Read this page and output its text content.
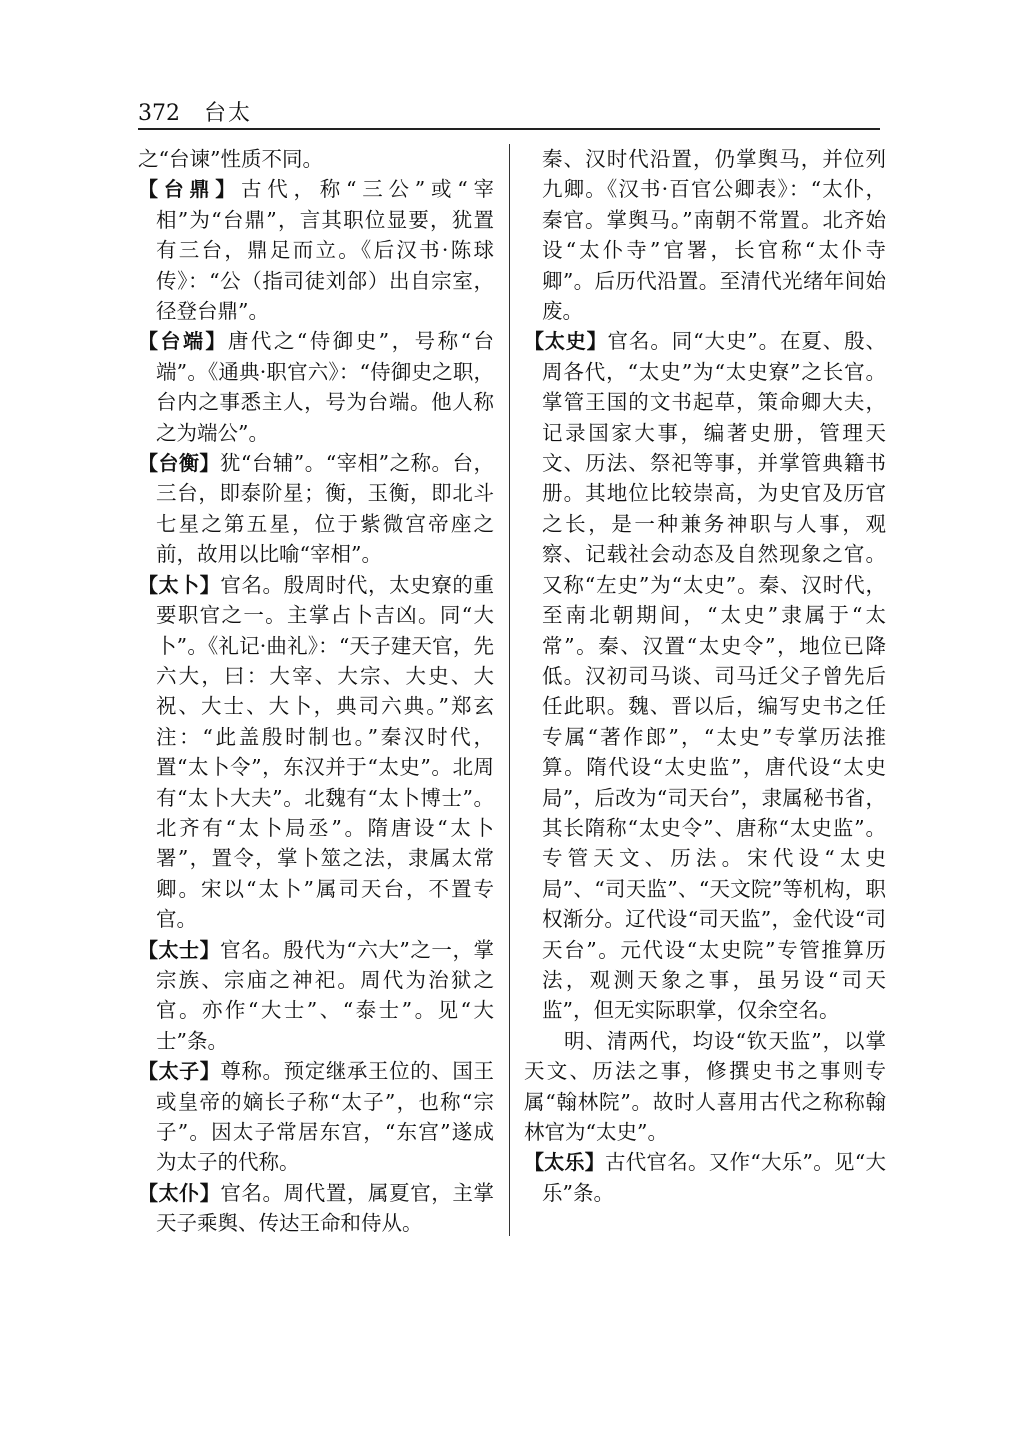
372 台太

之“台谏”性质不同。

【台鼎】古代，称“三公”或“宰相”为“台鼎”，言其职位显要，犹置有三台，鼎足而立。《后汉书·陈球传》：“公（指司徒刘郃）出自宗室，径登台鼎”。

【台端】唐代之“侍御史”，号称“台端”。《通典·职官六》：“侍御史之职，台内之事悉主人，号为台端。他人称之为端公”。

【台衡】犹“台辅”。“宰相”之称。台，三台，即泰阶星；衡，玉衡，即北斗七星之第五星，位于紫微宫帝座之前，故用以比喻“宰相”。

【太卜】官名。殷周时代，太史寮的重要职官之一。主掌占卜吉凶。同“大卜”。《礼记·曲礼》：“天子建天官，先六大，曰：大宰、大宗、大史、大祝、大士、大卜，典司六典。”郑玄注：“此盖殷时制也。”秦汉时代，置“太卜令”，东汉并于“太史”。北周有“太卜大夫”。北魏有“太卜博士”。北齐有“太卜局丞”。隋唐设“太卜署”，置令，掌卜筮之法，隶属太常卿。宋以“太卜”属司天台，不置专官。

【太士】官名。殷代为“六大”之一，掌宗族、宗庙之神祀。周代为治狱之官。亦作“大士”、“泰士”。见“大士”条。

【太子】尊称。预定继承王位的、国王或皇帝的嫡长子称“太子”，也称“宗子”。因太子常居东宫，“东宫”遂成为太子的代称。

【太仆】官名。周代置，属夏官，主掌天子乘舆、传达王命和侍从。

秦、汉时代沿置，仍掌舆马，并位列九卿。《汉书·百官公卿表》：“太仆，秦官。掌舆马。”南朝不常置。北齐始设“太仆寺”官署，长官称“太仆寺卿”。后历代沿置。至清代光绪年间始废。

【太史】官名。同“大史”。在夏、殷、周各代，“太史”为“太史寮”之长官。掌管王国的文书起草，策命卿大夫，记录国家大事，编著史册，管理天文、历法、祭祀等事，并掌管典籍书册。其地位比较崇高，为史官及历官之长，是一种兼务神职与人事，观察、记载社会动态及自然现象之官。又称“左史”为“太史”。秦、汉时代，至南北朝期间，“太史”隶属于“太常”。秦、汉置“太史令”，地位已降低。汉初司马谈、司马迁父子曾先后任此职。魏、晋以后，编写史书之任专属“著作郎”，“太史”专掌历法推算。隋代设“太史监”，唐代设“太史局”，后改为“司天台”，隶属秘书省，其长隋称“太史令”、唐称“太史监”。专管天文、历法。宋代设“太史局”、“司天监”、“天文院”等机构，职权渐分。辽代设“司天监”，金代设“司天台”。元代设“太史院”专管推算历法，观测天象之事，虽另设“司天监”，但无实际职掌，仅余空名。

明、清两代，均设“钦天监”，以掌天文、历法之事，修撰史书之事则专属“翰林院”。故时人喜用古代之称称翰林官为“太史”。

【太乐】古代官名。又作“大乐”。见“大乐”条。
